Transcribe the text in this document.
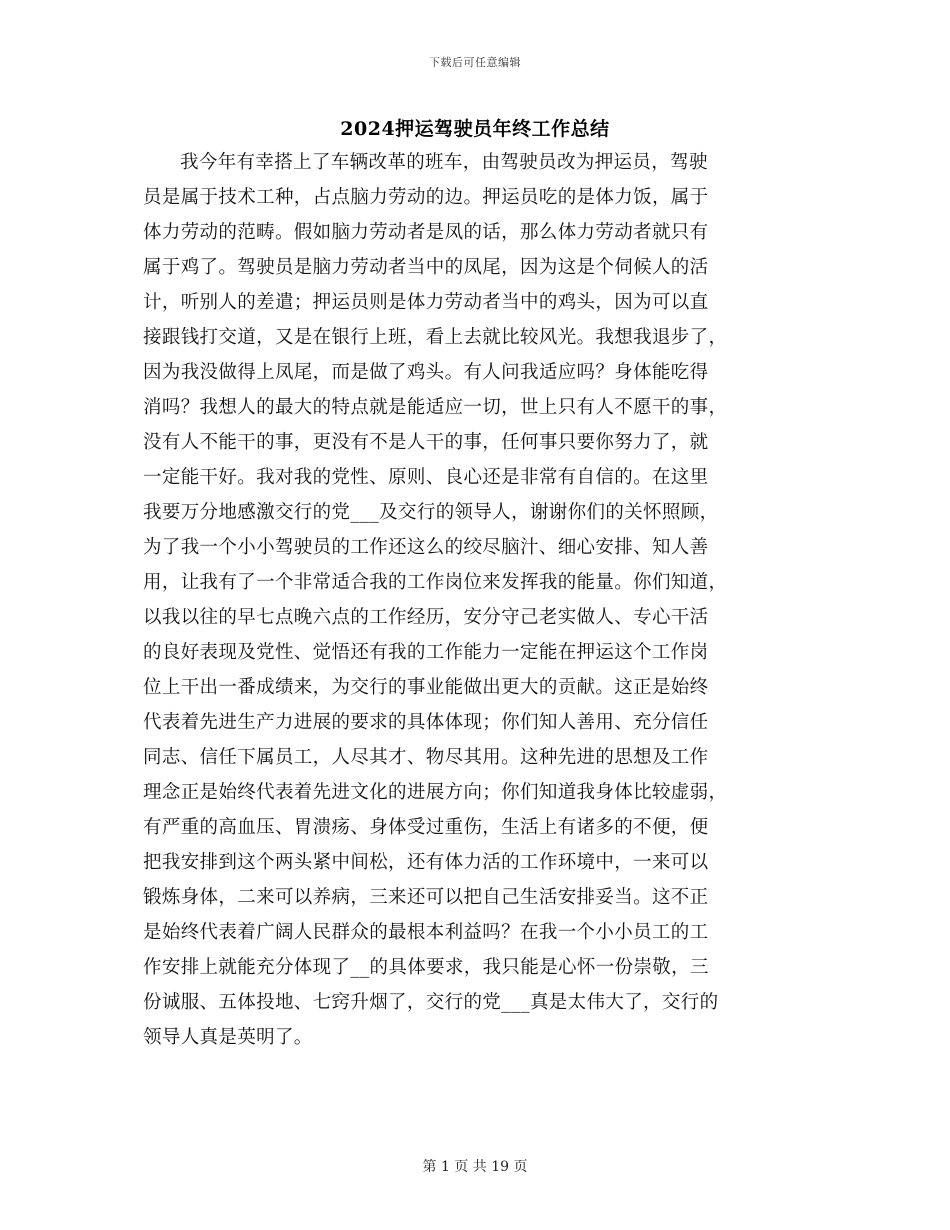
下载后可任意编辑
2024押运驾驶员年终工作总结
我今年有幸搭上了车辆改革的班车，由驾驶员改为押运员，驾驶
员是属于技术工种，占点脑力劳动的边。押运员吃的是体力饭，属于
体力劳动的范畴。假如脑力劳动者是凤的话，那么体力劳动者就只有
属于鸡了。驾驶员是脑力劳动者当中的凤尾，因为这是个伺候人的活
计，听别人的差遣；押运员则是体力劳动者当中的鸡头，因为可以直
接跟钱打交道，又是在银行上班，看上去就比较风光。我想我退步了，
因为我没做得上凤尾，而是做了鸡头。有人问我适应吗？身体能吃得
消吗？我想人的最大的特点就是能适应一切，世上只有人不愿干的事，
没有人不能干的事，更没有不是人干的事，任何事只要你努力了，就
一定能干好。我对我的党性、原则、良心还是非常有自信的。在这里
我要万分地感激交行的党___及交行的领导人，谢谢你们的关怀照顾，
为了我一个小小驾驶员的工作还这么的绞尽脑汁、细心安排、知人善
用，让我有了一个非常适合我的工作岗位来发挥我的能量。你们知道，
以我以往的早七点晚六点的工作经历，安分守己老实做人、专心干活
的良好表现及党性、觉悟还有我的工作能力一定能在押运这个工作岗
位上干出一番成绩来，为交行的事业能做出更大的贡献。这正是始终
代表着先进生产力进展的要求的具体体现；你们知人善用、充分信任
同志、信任下属员工，人尽其才、物尽其用。这种先进的思想及工作
理念正是始终代表着先进文化的进展方向；你们知道我身体比较虚弱，
有严重的高血压、胃溃疡、身体受过重伤，生活上有诸多的不便，便
把我安排到这个两头紧中间松，还有体力活的工作环境中，一来可以
锻炼身体，二来可以养病，三来还可以把自己生活安排妥当。这不正
是始终代表着广阔人民群众的最根本利益吗？在我一个小小员工的工
作安排上就能充分体现了__的具体要求，我只能是心怀一份崇敬，三
份诚服、五体投地、七窍升烟了，交行的党___真是太伟大了，交行的
领导人真是英明了。
第 1 页 共 19 页
